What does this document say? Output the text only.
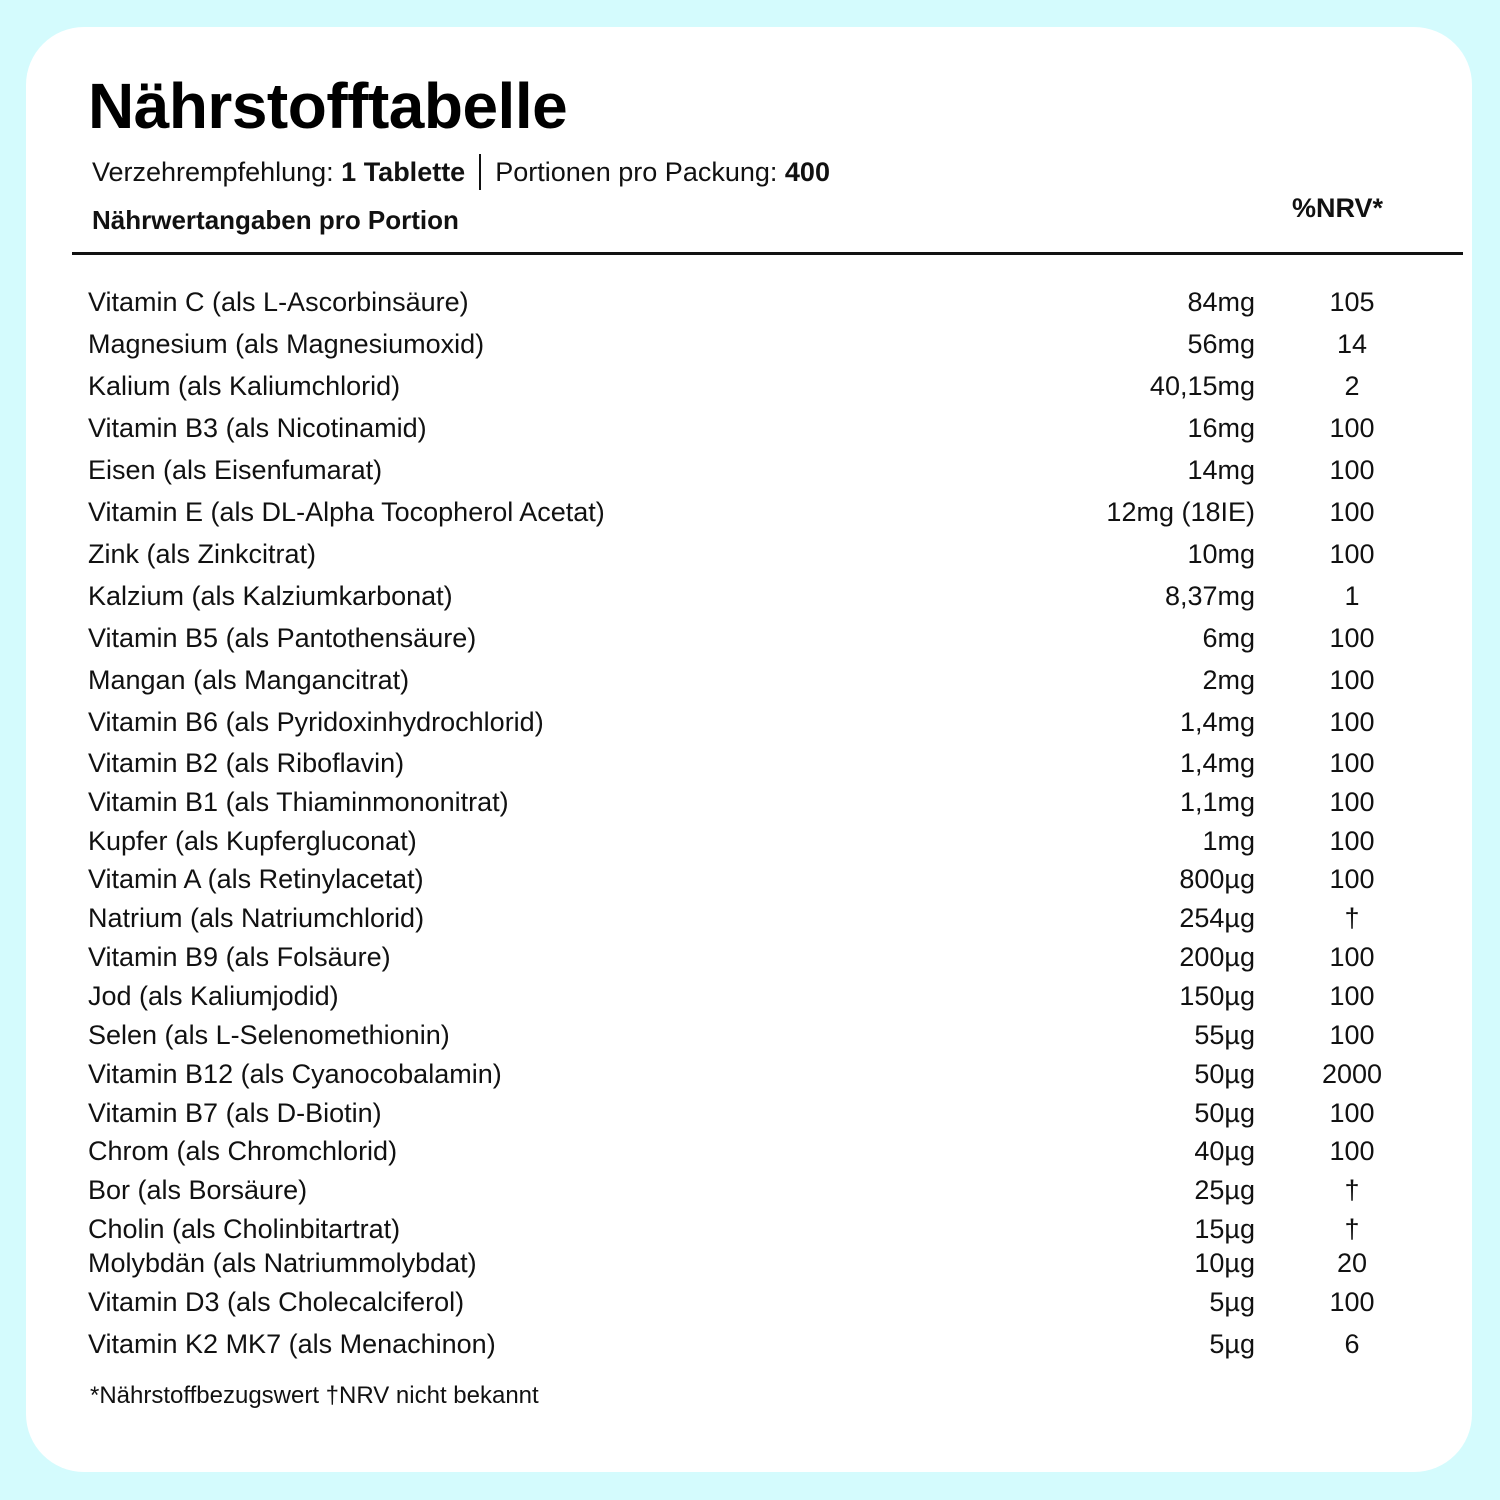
Nährstofftabelle
Verzehrempfehlung: 1 Tablette Portionen pro Packung: 400
Nährwertangaben pro Portion	%NRV*
Vitamin C (als L-Ascorbinsäure)	84mg	105
Magnesium (als Magnesiumoxid)	56mg	14
Kalium (als Kaliumchlorid)	40,15mg	2
Vitamin B3 (als Nicotinamid)	16mg	100
Eisen (als Eisenfumarat)	14mg	100
Vitamin E (als DL-Alpha Tocopherol Acetat)	12mg (18IE)	100
Zink (als Zinkcitrat)	10mg	100
Kalzium (als Kalziumkarbonat)	8,37mg	1
Vitamin B5 (als Pantothensäure)	6mg	100
Mangan (als Mangancitrat)	2mg	100
Vitamin B6 (als Pyridoxinhydrochlorid)	1,4mg	100
Vitamin B2 (als Riboflavin)	1,4mg	100
Vitamin B1 (als Thiaminmononitrat)	1,1mg	100
Kupfer (als Kupfergluconat)	1mg	100
Vitamin A (als Retinylacetat)	800µg	100
Natrium (als Natriumchlorid)	254µg	†
Vitamin B9 (als Folsäure)	200µg	100
Jod (als Kaliumjodid)	150µg	100
Selen (als L-Selenomethionin)	55µg	100
Vitamin B12 (als Cyanocobalamin)	50µg	2000
Vitamin B7 (als D-Biotin)	50µg	100
Chrom (als Chromchlorid)	40µg	100
Bor (als Borsäure)	25µg	†
Cholin (als Cholinbitartrat)	15µg	†
Molybdän (als Natriummolybdat)	10µg	20
Vitamin D3 (als Cholecalciferol)	5µg	100
Vitamin K2 MK7 (als Menachinon)	5µg	6
*Nährstoffbezugswert †NRV nicht bekannt
